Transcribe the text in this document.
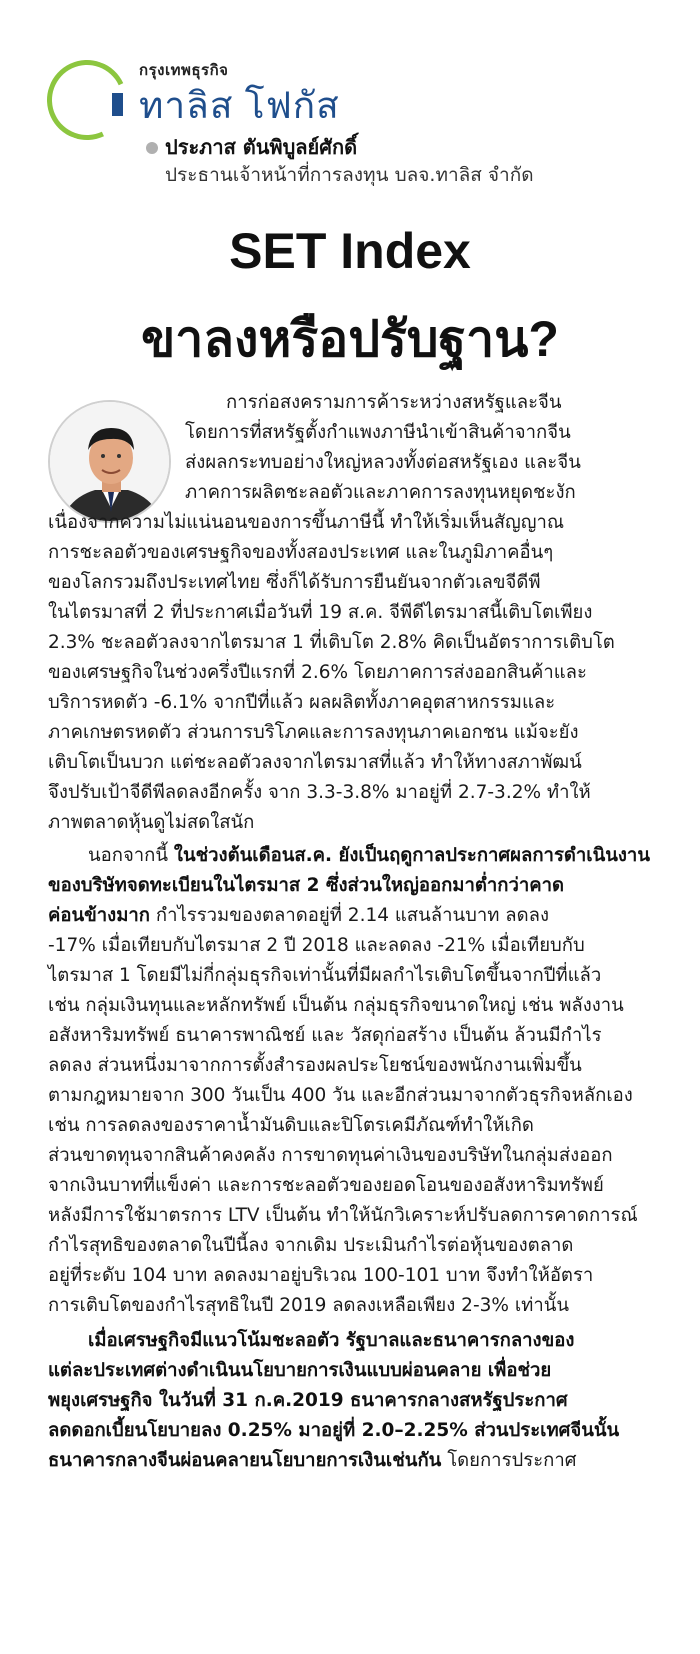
กรุงเทพธุรกิจ
ทาลิส โฟกัส
ประภาส ตันพิบูลย์ศักดิ์
ประธานเจ้าหน้าที่การลงทุน บลจ.ทาลิส จำกัด
SET Index
ขาลงหรือปรับฐาน?
การก่อสงครามการค้าระหว่างสหรัฐและจีน
โดยการที่สหรัฐตั้งกำแพงภาษีนำเข้าสินค้าจากจีน
ส่งผลกระทบอย่างใหญ่หลวงทั้งต่อสหรัฐเอง และจีน
ภาคการผลิตชะลอตัวและภาคการลงทุนหยุดชะงัก
เนื่องจากความไม่แน่นอนของการขึ้นภาษีนี้ ทำให้เริ่มเห็นสัญญาณ
การชะลอตัวของเศรษฐกิจของทั้งสองประเทศ และในภูมิภาคอื่นๆ
ของโลกรวมถึงประเทศไทย ซึ่งก็ได้รับการยืนยันจากตัวเลขจีดีพี
ในไตรมาสที่ 2 ที่ประกาศเมื่อวันที่ 19 ส.ค. จีพีดีไตรมาสนี้เติบโตเพียง
2.3% ชะลอตัวลงจากไตรมาส 1 ที่เติบโต 2.8% คิดเป็นอัตราการเติบโต
ของเศรษฐกิจในช่วงครึ่งปีแรกที่ 2.6% โดยภาคการส่งออกสินค้าและ
บริการหดตัว -6.1% จากปีที่แล้ว ผลผลิตทั้งภาคอุตสาหกรรมและ
ภาคเกษตรหดตัว ส่วนการบริโภคและการลงทุนภาคเอกชน แม้จะยัง
เติบโตเป็นบวก แต่ชะลอตัวลงจากไตรมาสที่แล้ว ทำให้ทางสภาพัฒน์
จึงปรับเป้าจีดีพีลดลงอีกครั้ง จาก 3.3-3.8% มาอยู่ที่ 2.7-3.2% ทำให้
ภาพตลาดหุ้นดูไม่สดใสนัก
นอกจากนี้ ในช่วงต้นเดือนส.ค. ยังเป็นฤดูกาลประกาศผลการดำเนินงาน
ของบริษัทจดทะเบียนในไตรมาส 2 ซึ่งส่วนใหญ่ออกมาต่ำกว่าคาด
ค่อนข้างมาก กำไรรวมของตลาดอยู่ที่ 2.14 แสนล้านบาท ลดลง
-17% เมื่อเทียบกับไตรมาส 2 ปี 2018 และลดลง -21% เมื่อเทียบกับ
ไตรมาส 1 โดยมีไม่กี่กลุ่มธุรกิจเท่านั้นที่มีผลกำไรเติบโตขึ้นจากปีที่แล้ว
เช่น กลุ่มเงินทุนและหลักทรัพย์ เป็นต้น กลุ่มธุรกิจขนาดใหญ่ เช่น พลังงาน
อสังหาริมทรัพย์ ธนาคารพาณิชย์ และ วัสดุก่อสร้าง เป็นต้น ล้วนมีกำไร
ลดลง ส่วนหนึ่งมาจากการตั้งสำรองผลประโยชน์ของพนักงานเพิ่มขึ้น
ตามกฎหมายจาก 300 วันเป็น 400 วัน และอีกส่วนมาจากตัวธุรกิจหลักเอง
เช่น การลดลงของราคาน้ำมันดิบและปิโตรเคมีภัณฑ์ทำให้เกิด
ส่วนขาดทุนจากสินค้าคงคลัง การขาดทุนค่าเงินของบริษัทในกลุ่มส่งออก
จากเงินบาทที่แข็งค่า และการชะลอตัวของยอดโอนของอสังหาริมทรัพย์
หลังมีการใช้มาตรการ LTV เป็นต้น ทำให้นักวิเคราะห์ปรับลดการคาดการณ์
กำไรสุทธิของตลาดในปีนี้ลง จากเดิม ประเมินกำไรต่อหุ้นของตลาด
อยู่ที่ระดับ 104 บาท ลดลงมาอยู่บริเวณ 100-101 บาท จึงทำให้อัตรา
การเติบโตของกำไรสุทธิในปี 2019 ลดลงเหลือเพียง 2-3% เท่านั้น
เมื่อเศรษฐกิจมีแนวโน้มชะลอตัว รัฐบาลและธนาคารกลางของ
แต่ละประเทศต่างดำเนินนโยบายการเงินแบบผ่อนคลาย เพื่อช่วย
พยุงเศรษฐกิจ ในวันที่ 31 ก.ค.2019 ธนาคารกลางสหรัฐประกาศ
ลดดอกเบี้ยนโยบายลง 0.25% มาอยู่ที่ 2.0–2.25% ส่วนประเทศจีนนั้น
ธนาคารกลางจีนผ่อนคลายนโยบายการเงินเช่นกัน โดยการประกาศ
